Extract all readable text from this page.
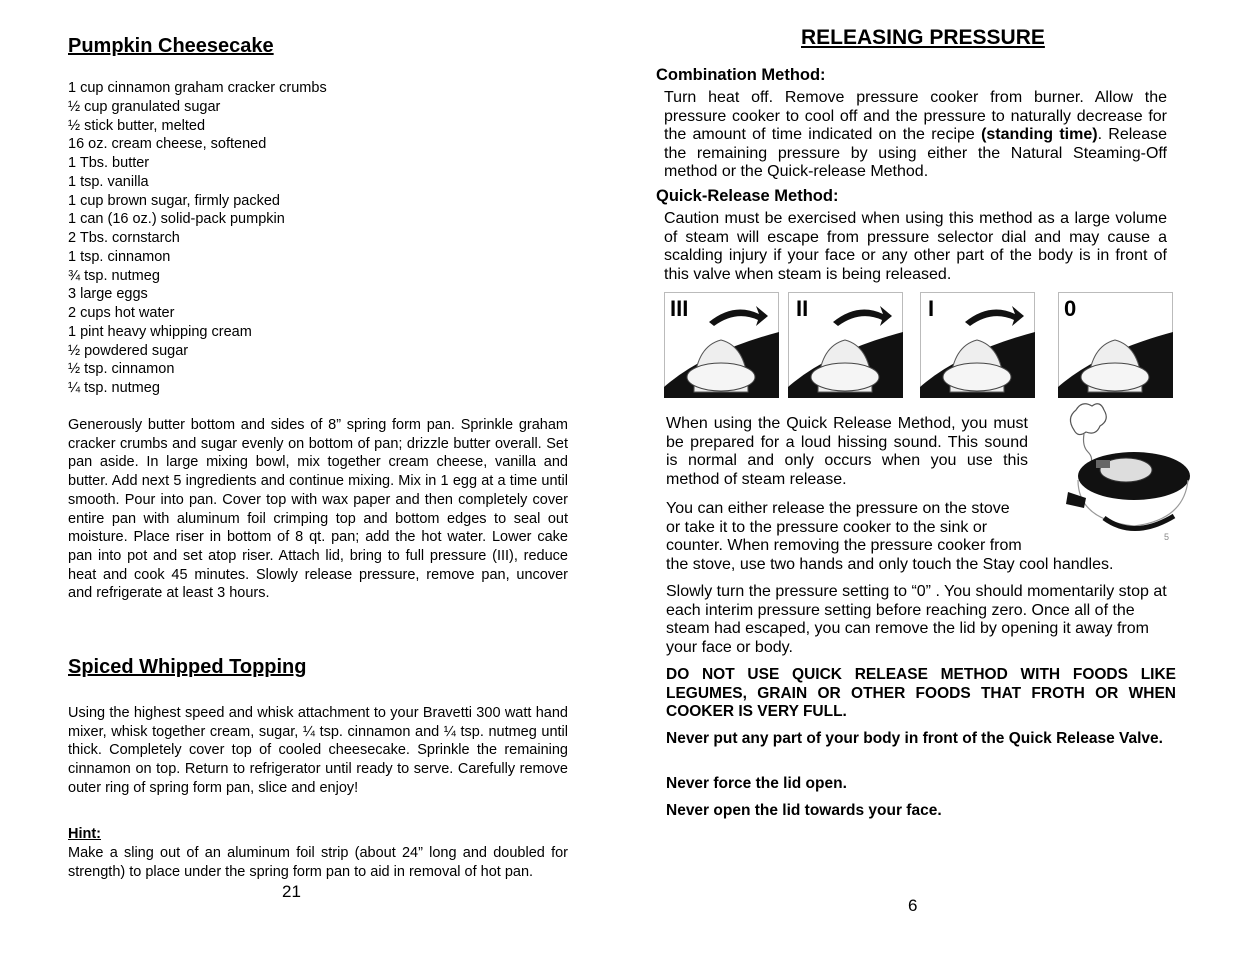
Pumpkin Cheesecake
1 cup cinnamon graham cracker crumbs
½ cup granulated sugar
½ stick butter, melted
16 oz. cream cheese, softened
1 Tbs. butter
1 tsp. vanilla
1 cup brown sugar, firmly packed
1 can (16 oz.) solid-pack pumpkin
2 Tbs. cornstarch
1 tsp. cinnamon
¾ tsp. nutmeg
3 large eggs
2 cups hot water
1 pint heavy whipping cream
½ powdered sugar
½ tsp. cinnamon
¼ tsp. nutmeg

Generously butter bottom and sides of 8” spring form pan. Sprinkle graham cracker crumbs and sugar evenly on bottom of pan; drizzle butter overall. Set pan aside. In large mixing bowl, mix together cream cheese, vanilla and butter. Add next 5 ingredients and continue mixing. Mix in 1 egg at a time until smooth. Pour into pan. Cover top with wax paper and then completely cover entire pan with aluminum foil crimping top and bottom edges to seal out moisture. Place riser in bottom of 8 qt. pan; add the hot water. Lower cake pan into pot and set atop riser. Attach lid, bring to full pressure (III), reduce heat and cook 45 minutes. Slowly release pressure, remove pan, uncover and refrigerate at least 3 hours.

Spiced Whipped Topping

Using the highest speed and whisk attachment to your Bravetti 300 watt hand mixer, whisk together cream, sugar, ¼ tsp. cinnamon and ¼ tsp. nutmeg until thick. Completely cover top of cooled cheesecake. Sprinkle the remaining cinnamon on top. Return to refrigerator until ready to serve. Carefully remove outer ring of spring form pan, slice and enjoy!

Hint:

Make a sling out of an aluminum foil strip (about 24” long and doubled for strength) to place under the spring form pan to aid in removal of hot pan.

21
RELEASING PRESSURE

Combination Method:

Turn heat off. Remove pressure cooker from burner. Allow the pressure cooker to cool off and the pressure to naturally decrease for the amount of time indicated on the recipe (standing time). Release the remaining pressure by using either the Natural Steaming-Off method or the Quick-release Method.

Quick-Release Method:

Caution must be exercised when using this method as a large volume of steam will escape from pressure selector dial and may cause a scalding injury if your face or any other part of the body is in front of this valve when steam is being released.

III	II	I	0

When using the Quick Release Method, you must be prepared for a loud hissing sound. This sound is normal and only occurs when you use this method of steam release.

5
You can either release the pressure on the stove
or take it to the pressure cooker to the sink or
counter. When removing the pressure cooker from
the stove, use two hands and only touch the Stay cool handles.

Slowly turn the pressure setting to “0” . You should momentarily stop at each interim pressure setting before reaching zero. Once all of the steam had escaped, you can remove the lid by opening it away from your face or body.

DO NOT USE QUICK RELEASE METHOD WITH FOODS LIKE LEGUMES, GRAIN OR OTHER FOODS THAT FROTH OR WHEN COOKER IS VERY FULL.

Never put any part of your body in front of the Quick Release Valve.

Never force the lid open.

Never open the lid towards your face.

6
